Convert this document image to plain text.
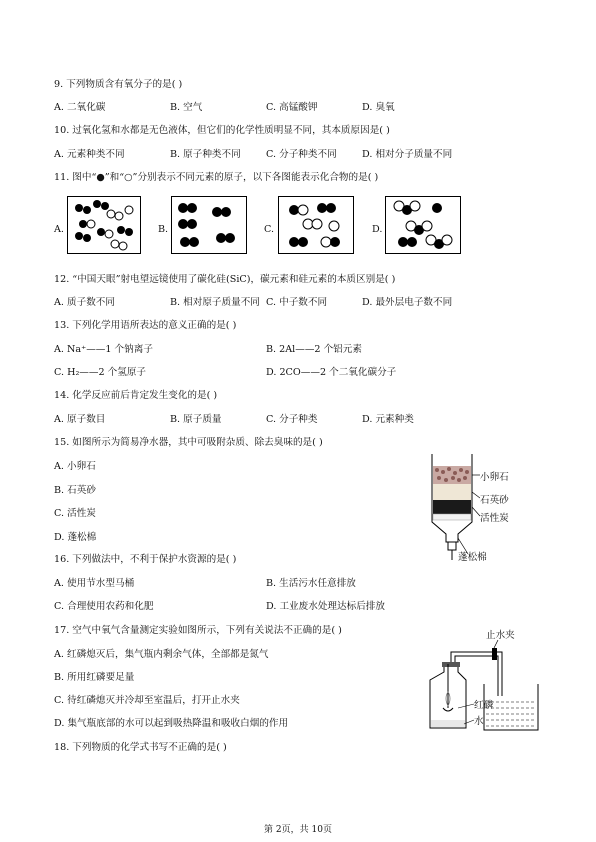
9. 下列物质含有氧分子的是( )
A. 二氧化碳	B. 空气	C. 高锰酸钾	D. 臭氧
10. 过氧化氢和水都是无色液体，但它们的化学性质明显不同，其本质原因是( )
A. 元素种类不同	B. 原子种类不同	C. 分子种类不同	D. 相对分子质量不同
11. 图中“●”和“○”分别表示不同元素的原子，以下各图能表示化合物的是( )
A.	B.	C.	D.
12. “中国天眼”射电望远镜使用了碳化硅(SiC)，碳元素和硅元素的本质区别是( )
A. 质子数不同	B. 相对原子质量不同 C. 中子数不同	D. 最外层电子数不同
13. 下列化学用语所表达的意义正确的是( )
A. Na⁺——1 个钠离子	B. 2Al——2 个铝元素
C. H₂——2 个氢原子	D. 2CO——2 个二氧化碳分子
14. 化学反应前后肯定发生变化的是( )
A. 原子数目	B. 原子质量	C. 分子种类	D. 元素种类
15. 如图所示为简易净水器，其中可吸附杂质、除去臭味的是( )
A. 小卵石
B. 石英砂
C. 活性炭
D. 蓬松棉
小卵石
石英砂
活性炭
蓬松棉
16. 下列做法中，不利于保护水资源的是( )
A. 使用节水型马桶	B. 生活污水任意排放
C. 合理使用农药和化肥	D. 工业废水处理达标后排放
17. 空气中氧气含量测定实验如图所示，下列有关说法不正确的是( )
A. 红磷熄灭后，集气瓶内剩余气体，全部都是氮气
B. 所用红磷要足量
C. 待红磷熄灭并冷却至室温后，打开止水夹
D. 集气瓶底部的水可以起到吸热降温和吸收白烟的作用
止水夹
红磷
水
18. 下列物质的化学式书写不正确的是( )
第 2页，共 10页
